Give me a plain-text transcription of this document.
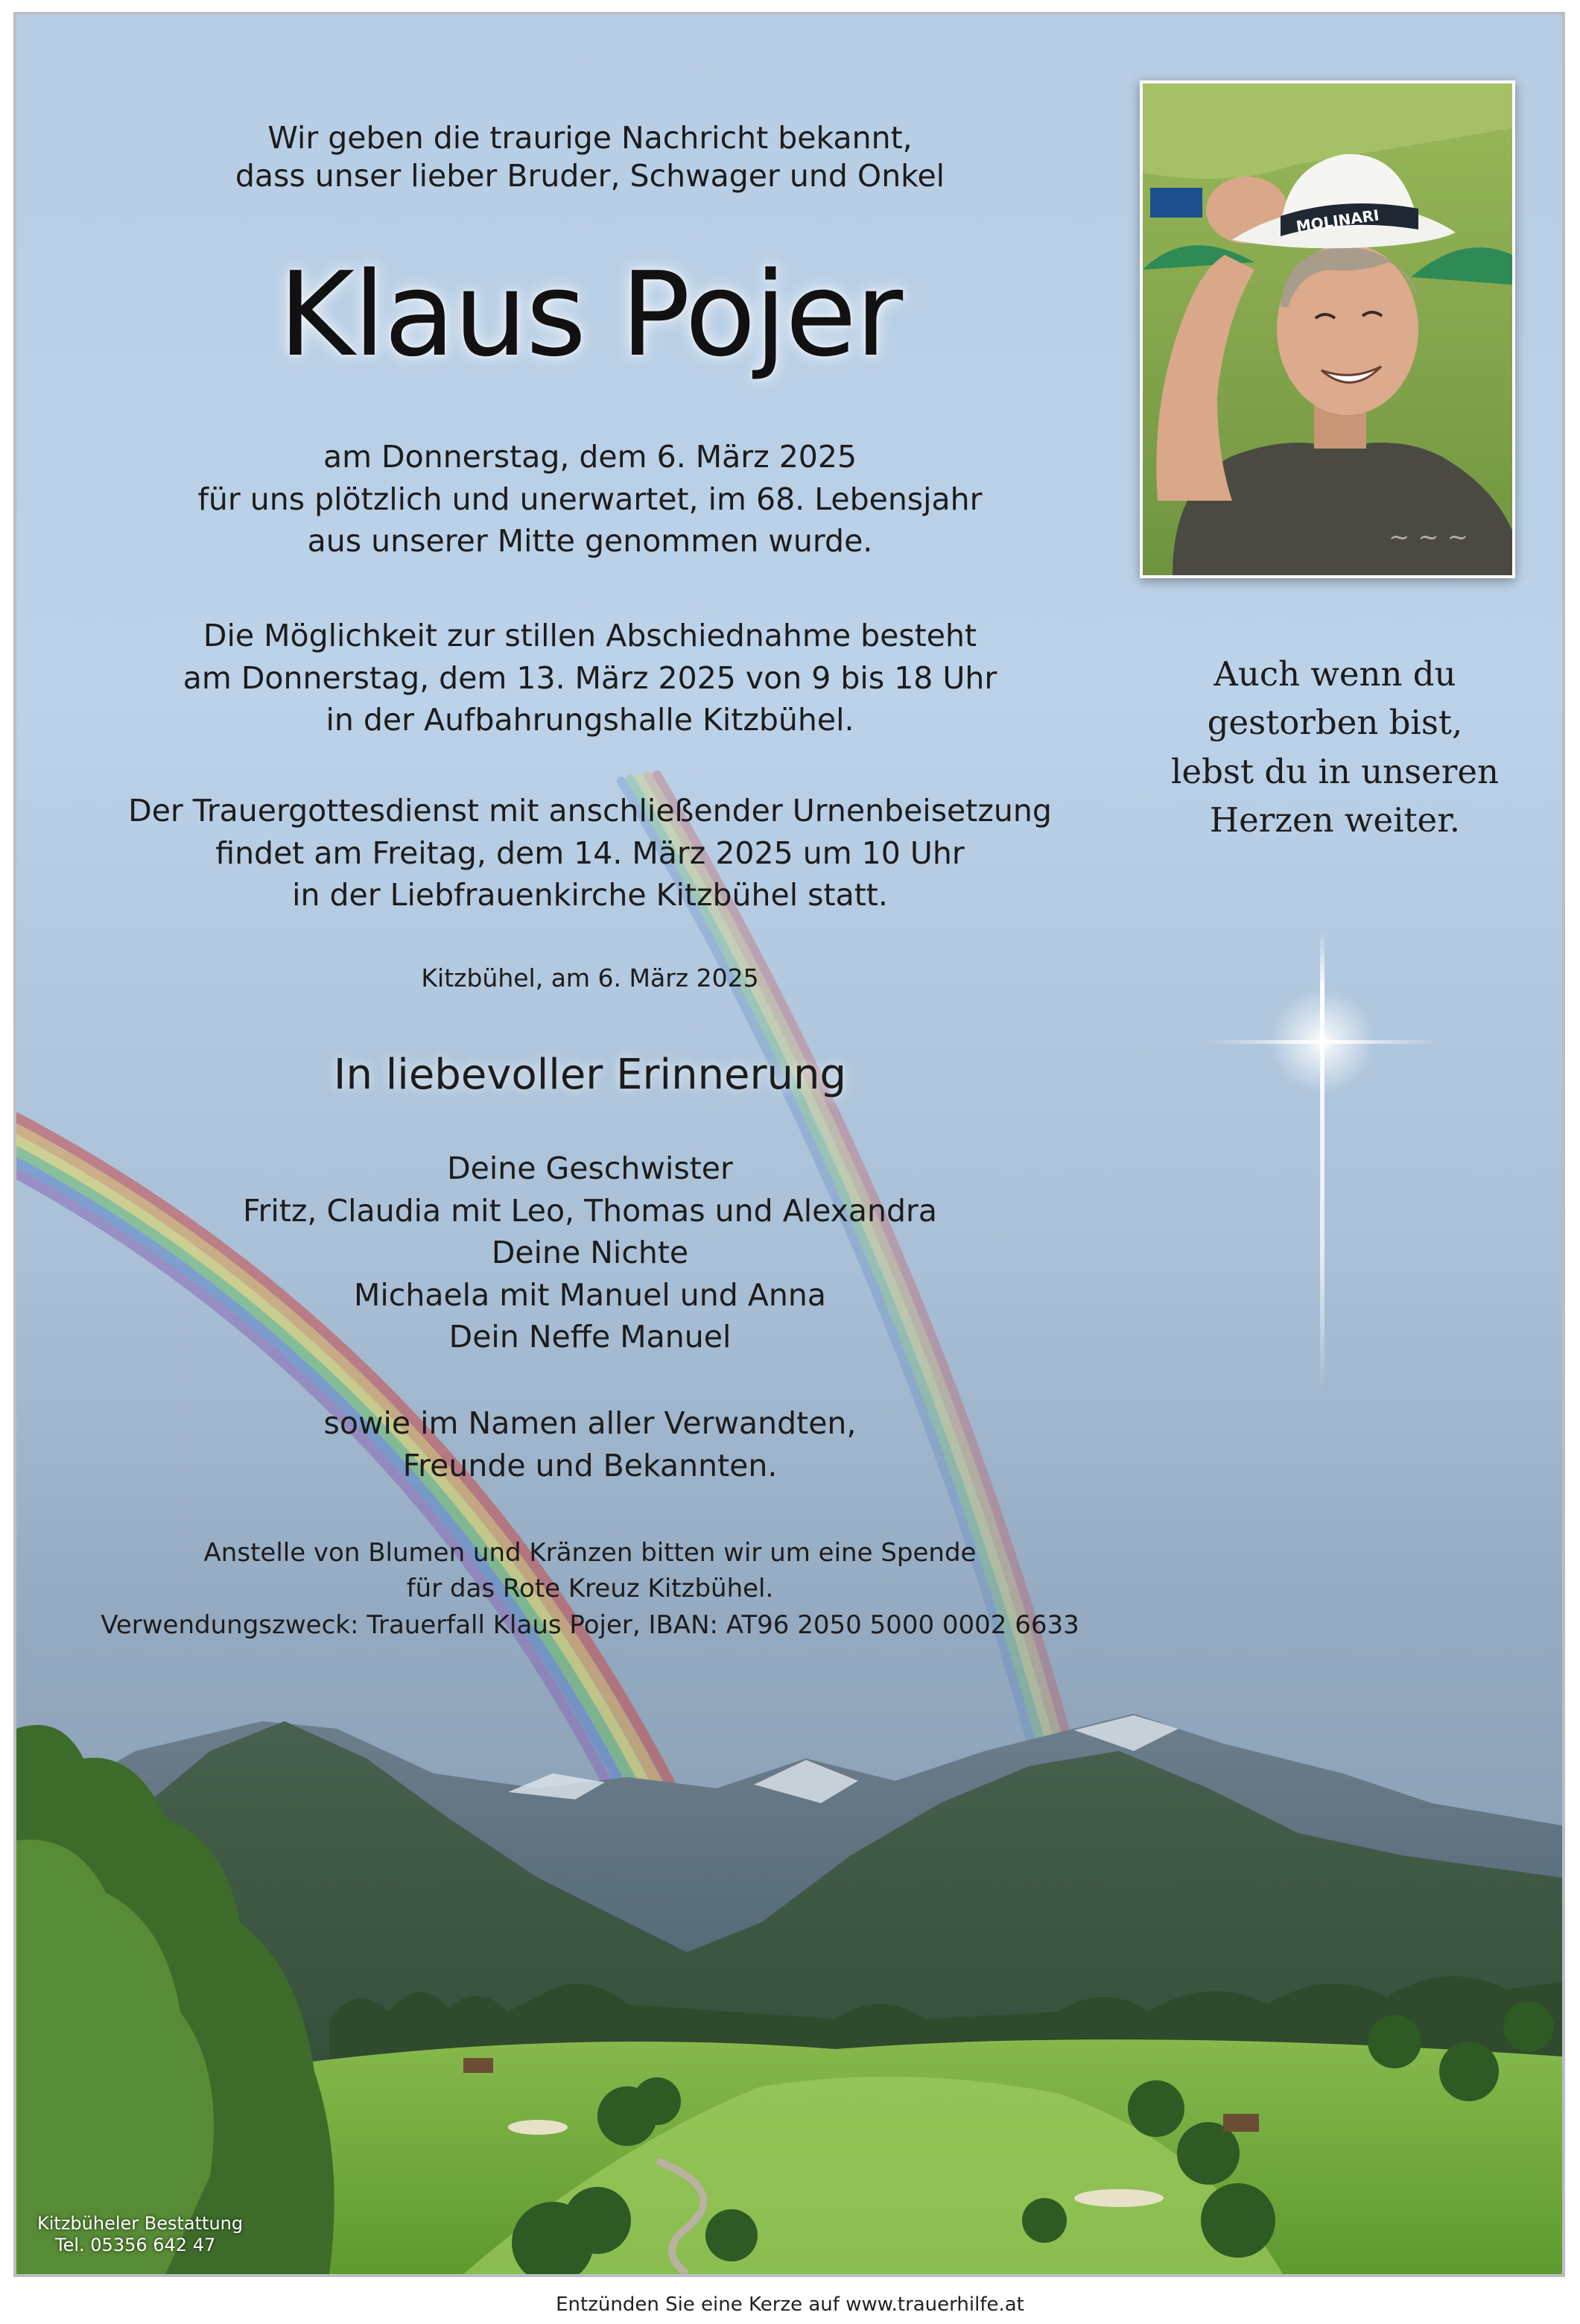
Wir geben die traurige Nachricht bekannt,
dass unser lieber Bruder, Schwager und Onkel
Klaus Pojer
am Donnerstag, dem 6. März 2025
für uns plötzlich und unerwartet, im 68. Lebensjahr
aus unserer Mitte genommen wurde.
Die Möglichkeit zur stillen Abschiednahme besteht
am Donnerstag, dem 13. März 2025 von 9 bis 18 Uhr
in der Aufbahrungshalle Kitzbühel.
Der Trauergottesdienst mit anschließender Urnenbeisetzung
findet am Freitag, dem 14. März 2025 um 10 Uhr
in der Liebfrauenkirche Kitzbühel statt.
Kitzbühel, am 6. März 2025
In liebevoller Erinnerung
Deine Geschwister
Fritz, Claudia mit Leo, Thomas und Alexandra
Deine Nichte
Michaela mit Manuel und Anna
Dein Neffe Manuel
sowie im Namen aller Verwandten,
Freunde und Bekannten.
Anstelle von Blumen und Kränzen bitten wir um eine Spende
für das Rote Kreuz Kitzbühel.
Verwendungszweck: Trauerfall Klaus Pojer, IBAN: AT96 2050 5000 0002 6633
~ ~ ~
MOLINARI
Auch wenn du
gestorben bist,
lebst du in unseren
Herzen weiter.
Kitzbüheler Bestattung
Tel. 05356 642 47
Entzünden Sie eine Kerze auf www.trauerhilfe.at
